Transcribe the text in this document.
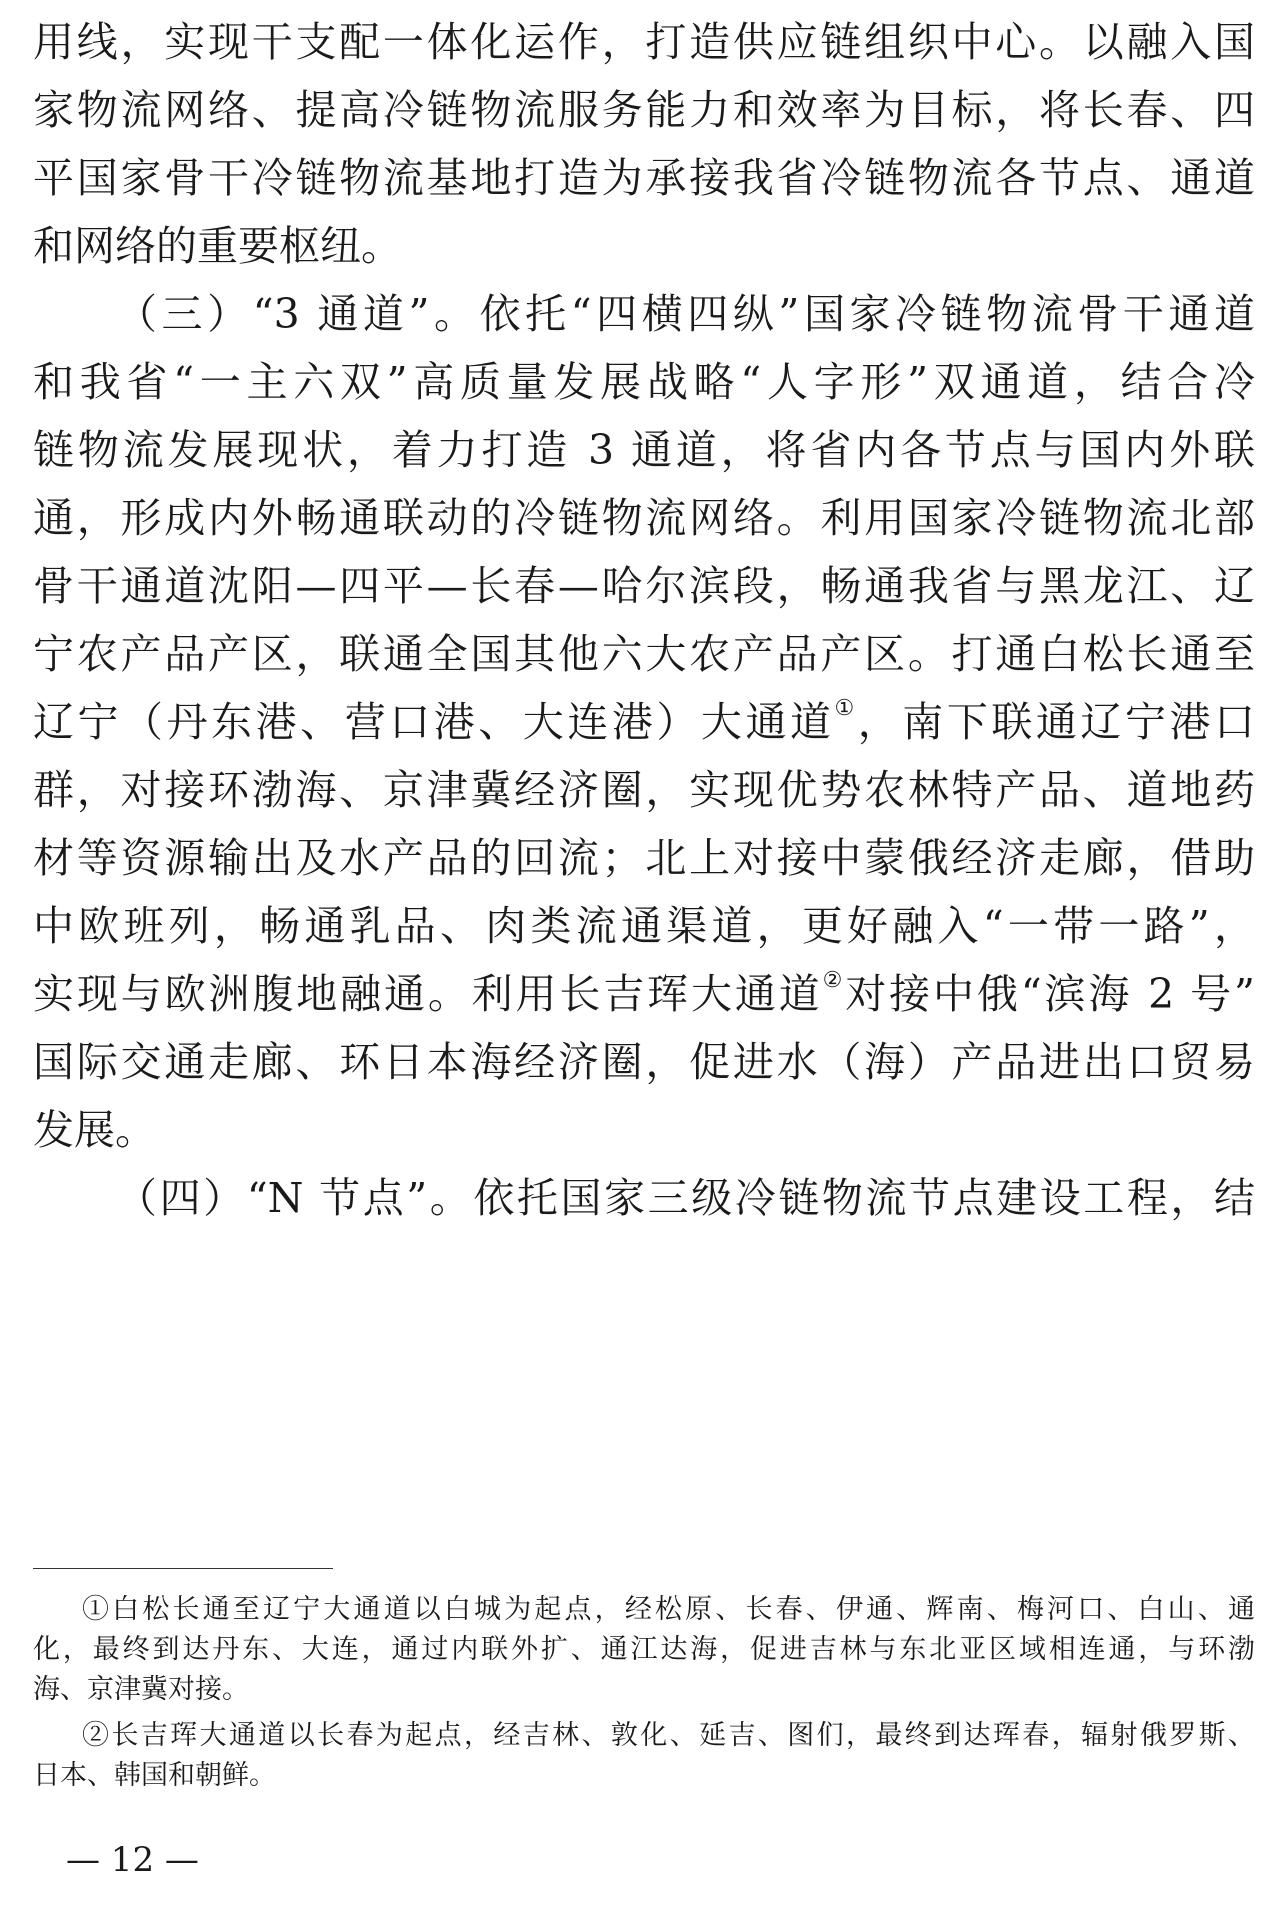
用线，实现干支配一体化运作，打造供应链组织中心。以融入国
家物流网络、提高冷链物流服务能力和效率为目标，将长春、四
平国家骨干冷链物流基地打造为承接我省冷链物流各节点、通道
和网络的重要枢纽。
（三）“3 通道”。依托“四横四纵”国家冷链物流骨干通道
和我省“一主六双”高质量发展战略“人字形”双通道，结合冷
链物流发展现状，着力打造 3 通道，将省内各节点与国内外联
通，形成内外畅通联动的冷链物流网络。利用国家冷链物流北部
骨干通道沈阳—四平—长春—哈尔滨段，畅通我省与黑龙江、辽
宁农产品产区，联通全国其他六大农产品产区。打通白松长通至
辽宁（丹东港、营口港、大连港）大通道①，南下联通辽宁港口
群，对接环渤海、京津冀经济圈，实现优势农林特产品、道地药
材等资源输出及水产品的回流；北上对接中蒙俄经济走廊，借助
中欧班列，畅通乳品、肉类流通渠道，更好融入“一带一路”，
实现与欧洲腹地融通。利用长吉珲大通道②对接中俄“滨海 2 号”
国际交通走廊、环日本海经济圈，促进水（海）产品进出口贸易
发展。
（四）“N 节点”。依托国家三级冷链物流节点建设工程，结
①白松长通至辽宁大通道以白城为起点，经松原、长春、伊通、辉南、梅河口、白山、通
化，最终到达丹东、大连，通过内联外扩、通江达海，促进吉林与东北亚区域相连通，与环渤
海、京津冀对接。
②长吉珲大通道以长春为起点，经吉林、敦化、延吉、图们，最终到达珲春，辐射俄罗斯、
日本、韩国和朝鲜。
— 12 —
